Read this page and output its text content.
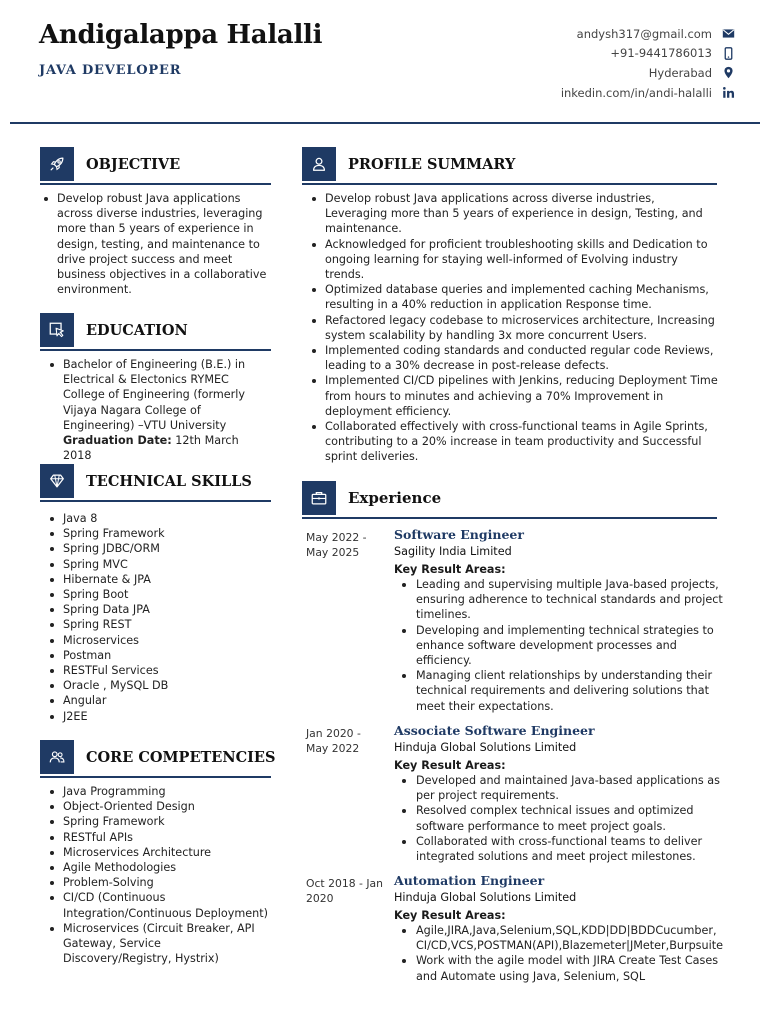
Andigalappa Halalli
JAVA DEVELOPER
andysh317@gmail.com
+91-9441786013
Hyderabad
inkedin.com/in/andi-halalli
OBJECTIVE
Develop robust Java applications across diverse industries, leveraging more than 5 years of experience in design, testing, and maintenance to drive project success and meet business objectives in a collaborative environment.
EDUCATION
Bachelor of Engineering (B.E.) in Electrical & Electonics RYMEC College of Engineering (formerly Vijaya Nagara College of Engineering) –VTU University
Graduation Date: 12th March 2018
TECHNICAL SKILLS
Java 8
Spring Framework
Spring JDBC/ORM
Spring MVC
Hibernate & JPA
Spring Boot
Spring Data JPA
Spring REST
Microservices
Postman
RESTFul Services
Oracle , MySQL DB
Angular
J2EE
CORE COMPETENCIES
Java Programming
Object-Oriented Design
Spring Framework
RESTful APIs
Microservices Architecture
Agile Methodologies
Problem-Solving
CI/CD (Continuous Integration/Continuous Deployment)
Microservices (Circuit Breaker, API Gateway, Service Discovery/Registry, Hystrix)
PROFILE SUMMARY
Develop robust Java applications across diverse industries, Leveraging more than 5 years of experience in design, Testing, and maintenance.
Acknowledged for proficient troubleshooting skills and Dedication to ongoing learning for staying well-informed of Evolving industry trends.
Optimized database queries and implemented caching Mechanisms, resulting in a 40% reduction in application Response time.
Refactored legacy codebase to microservices architecture, Increasing system scalability by handling 3x more concurrent Users.
Implemented coding standards and conducted regular code Reviews, leading to a 30% decrease in post-release defects.
Implemented CI/CD pipelines with Jenkins, reducing Deployment Time from hours to minutes and achieving a 70% Improvement in deployment efficiency.
Collaborated effectively with cross-functional teams in Agile Sprints, contributing to a 20% increase in team productivity and Successful sprint deliveries.
Experience
May 2022 - May 2025
Software Engineer
Sagility India Limited
Key Result Areas:
Leading and supervising multiple Java-based projects, ensuring adherence to technical standards and project timelines.
Developing and implementing technical strategies to enhance software development processes and efficiency.
Managing client relationships by understanding their technical requirements and delivering solutions that meet their expectations.
Jan 2020 - May 2022
Associate Software Engineer
Hinduja Global Solutions Limited
Key Result Areas:
Developed and maintained Java-based applications as per project requirements.
Resolved complex technical issues and optimized software performance to meet project goals.
Collaborated with cross-functional teams to deliver integrated solutions and meet project milestones.
Oct 2018 - Jan 2020
Automation Engineer
Hinduja Global Solutions Limited
Key Result Areas:
Agile,JIRA,Java,Selenium,SQL,KDD|DD|BDDCucumber, CI/CD,VCS,POSTMAN(API),Blazemeter|JMeter,Burpsuite
Work with the agile model with JIRA Create Test Cases and Automate using Java, Selenium, SQL
